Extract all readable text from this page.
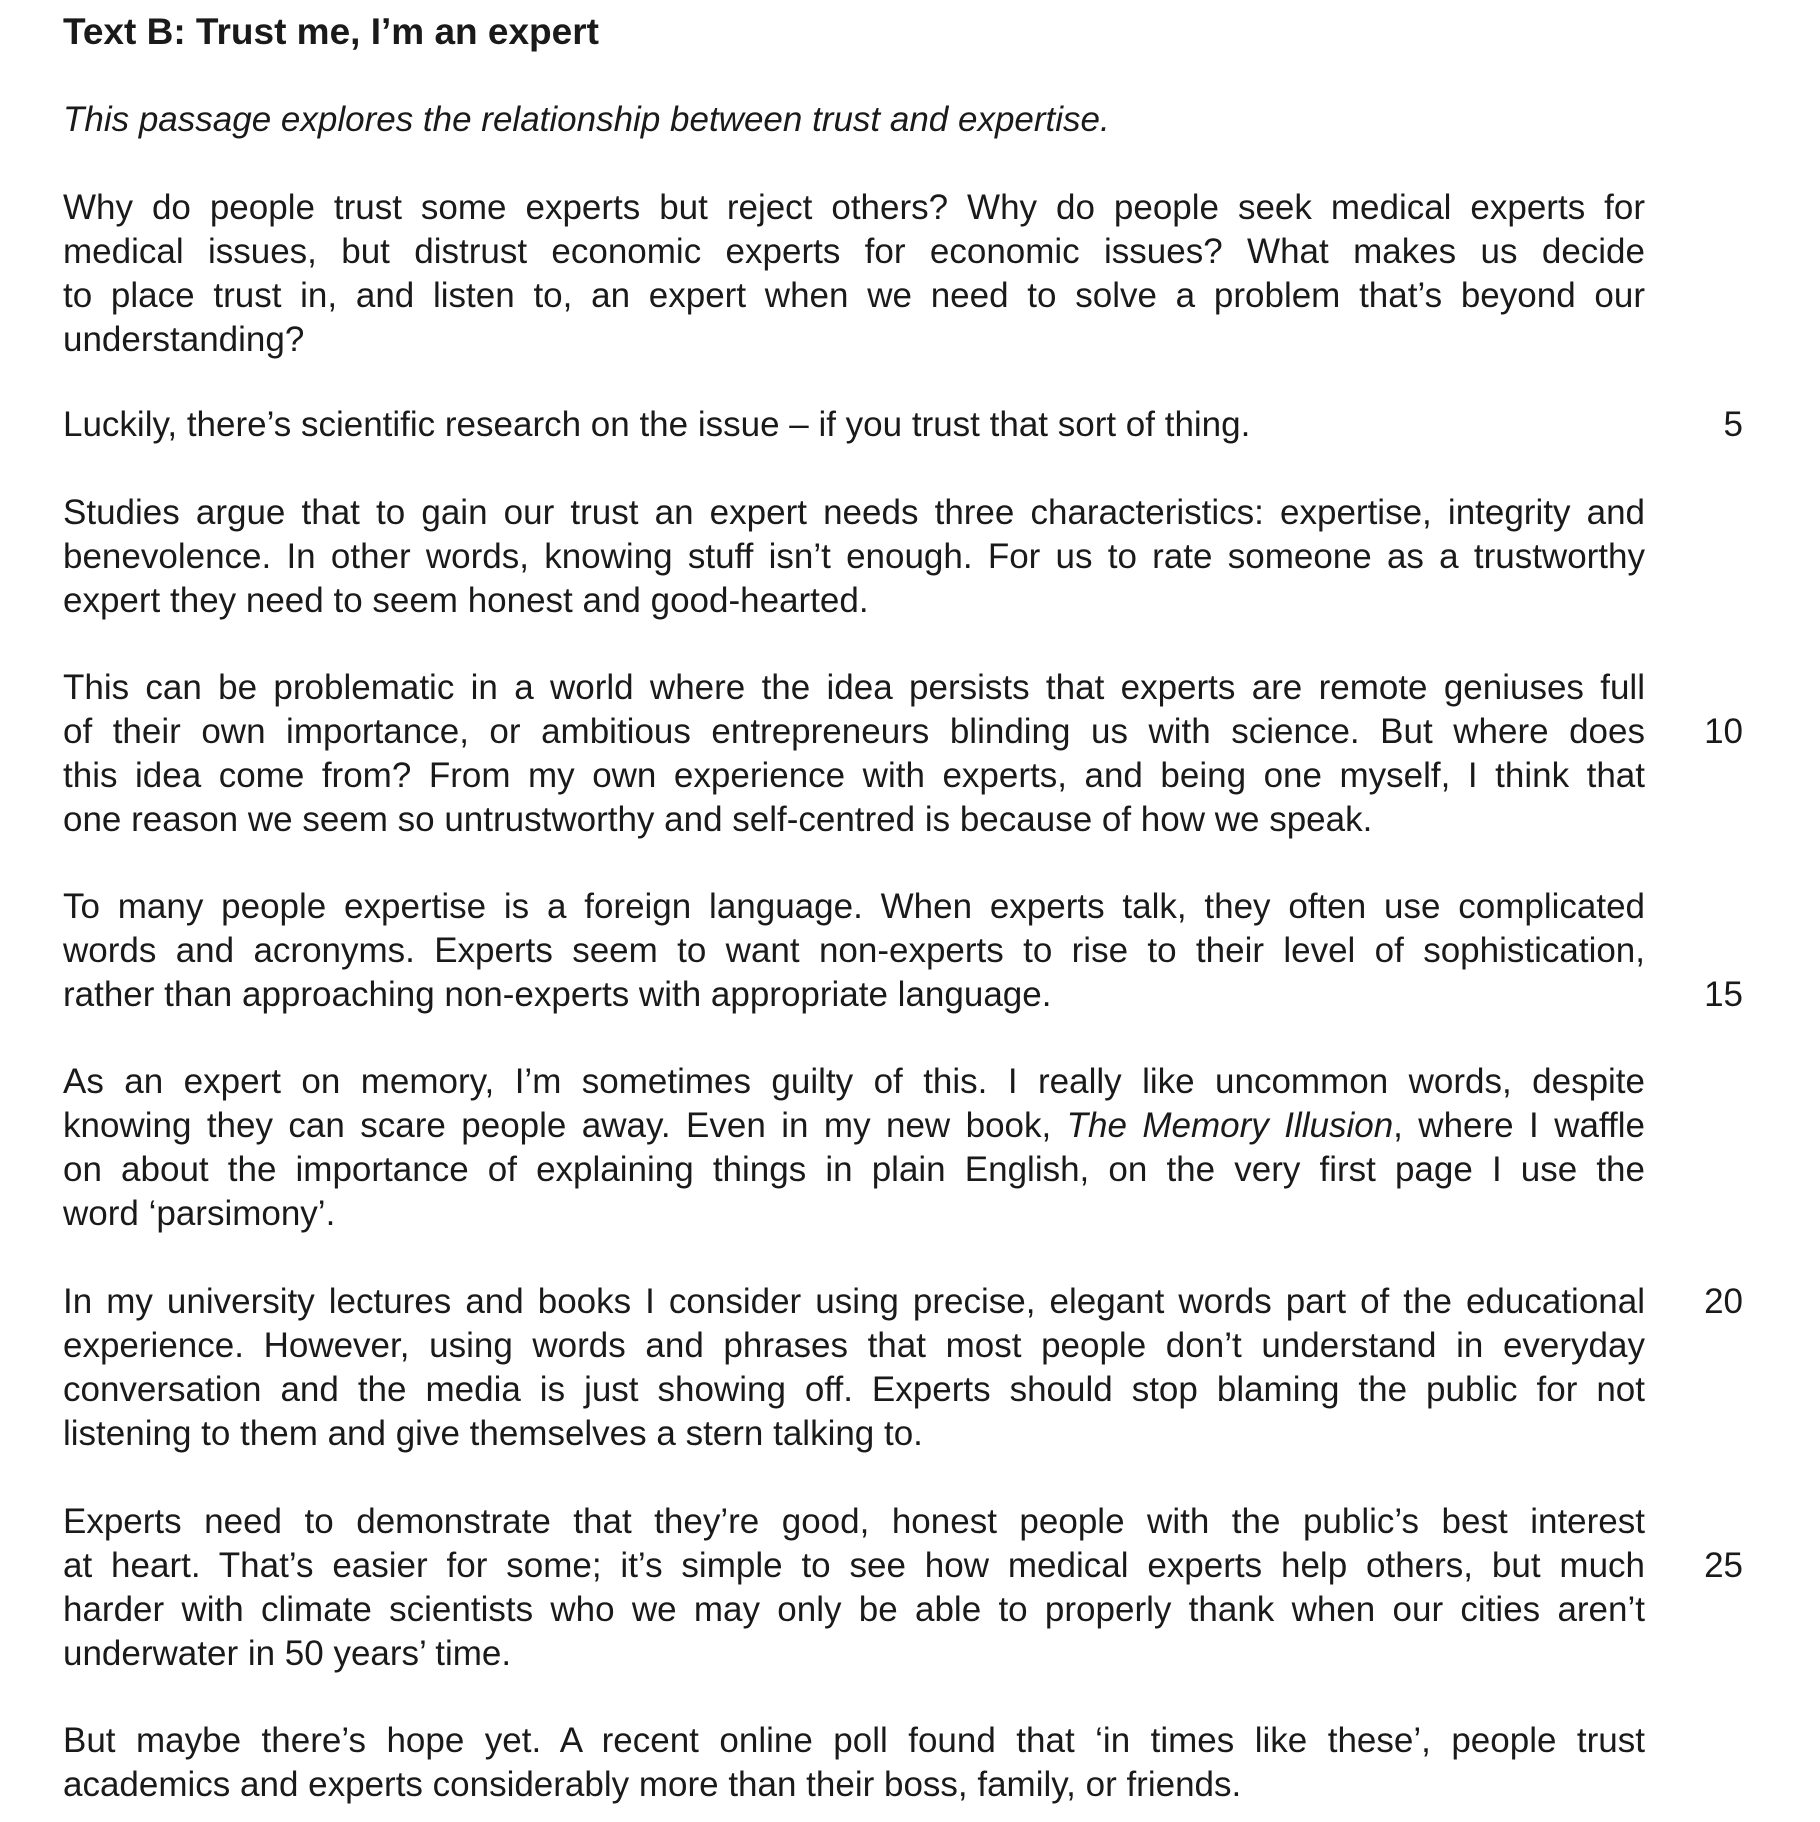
Text B: Trust me, I’m an expert
This passage explores the relationship between trust and expertise.
Why do people trust some experts but reject others? Why do people seek medical experts for
medical issues, but distrust economic experts for economic issues? What makes us decide
to place trust in, and listen to, an expert when we need to solve a problem that’s beyond our
understanding?
Luckily, there’s scientific research on the issue – if you trust that sort of thing.
Studies argue that to gain our trust an expert needs three characteristics: expertise, integrity and
benevolence. In other words, knowing stuff isn’t enough. For us to rate someone as a trustworthy
expert they need to seem honest and good-hearted.
This can be problematic in a world where the idea persists that experts are remote geniuses full
of their own importance, or ambitious entrepreneurs blinding us with science. But where does
this idea come from? From my own experience with experts, and being one myself, I think that
one reason we seem so untrustworthy and self-centred is because of how we speak.
To many people expertise is a foreign language. When experts talk, they often use complicated
words and acronyms. Experts seem to want non-experts to rise to their level of sophistication,
rather than approaching non-experts with appropriate language.
As an expert on memory, I’m sometimes guilty of this. I really like uncommon words, despite
knowing they can scare people away. Even in my new book, The Memory Illusion, where I waffle
on about the importance of explaining things in plain English, on the very first page I use the
word ‘parsimony’.
In my university lectures and books I consider using precise, elegant words part of the educational
experience. However, using words and phrases that most people don’t understand in everyday
conversation and the media is just showing off. Experts should stop blaming the public for not
listening to them and give themselves a stern talking to.
Experts need to demonstrate that they’re good, honest people with the public’s best interest
at heart. That’s easier for some; it’s simple to see how medical experts help others, but much
harder with climate scientists who we may only be able to properly thank when our cities aren’t
underwater in 50 years’ time.
But maybe there’s hope yet. A recent online poll found that ‘in times like these’, people trust
academics and experts considerably more than their boss, family, or friends.
5
10
15
20
25
